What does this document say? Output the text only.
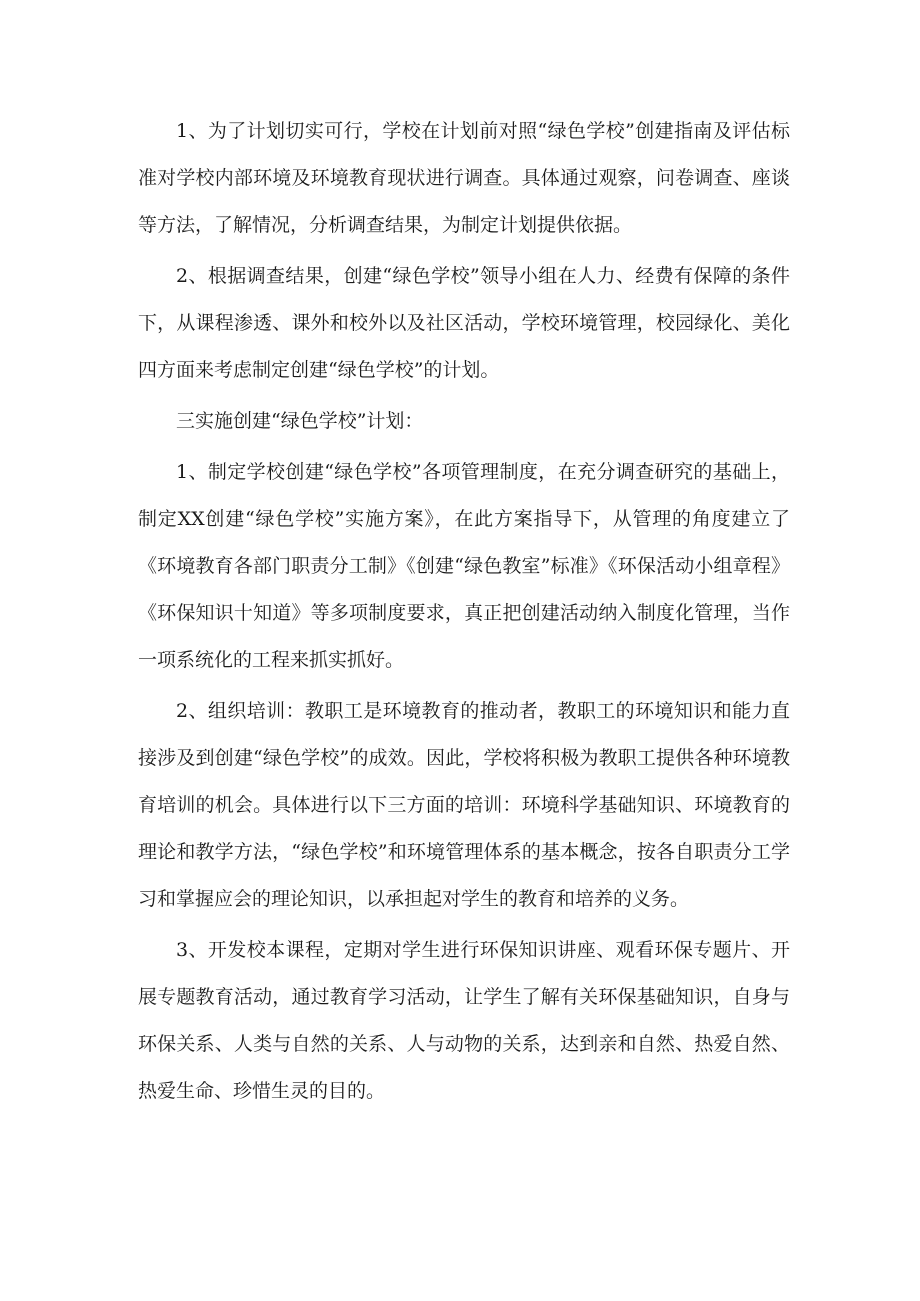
1、为了计划切实可行，学校在计划前对照“绿色学校”创建指南及评估标准对学校内部环境及环境教育现状进行调查。具体通过观察，问卷调查、座谈等方法，了解情况，分析调查结果，为制定计划提供依据。

2、根据调查结果，创建“绿色学校”领导小组在人力、经费有保障的条件下，从课程渗透、课外和校外以及社区活动，学校环境管理，校园绿化、美化四方面来考虑制定创建“绿色学校”的计划。

三实施创建“绿色学校”计划：

1、制定学校创建“绿色学校”各项管理制度，在充分调查研究的基础上，制定XX创建“绿色学校”实施方案》，在此方案指导下，从管理的角度建立了《环境教育各部门职责分工制》《创建“绿色教室”标准》《环保活动小组章程》《环保知识十知道》等多项制度要求，真正把创建活动纳入制度化管理，当作一项系统化的工程来抓实抓好。

2、组织培训：教职工是环境教育的推动者，教职工的环境知识和能力直接涉及到创建“绿色学校”的成效。因此，学校将积极为教职工提供各种环境教育培训的机会。具体进行以下三方面的培训：环境科学基础知识、环境教育的理论和教学方法，“绿色学校”和环境管理体系的基本概念，按各自职责分工学习和掌握应会的理论知识，以承担起对学生的教育和培养的义务。

3、开发校本课程，定期对学生进行环保知识讲座、观看环保专题片、开展专题教育活动，通过教育学习活动，让学生了解有关环保基础知识，自身与环保关系、人类与自然的关系、人与动物的关系，达到亲和自然、热爱自然、热爱生命、珍惜生灵的目的。
